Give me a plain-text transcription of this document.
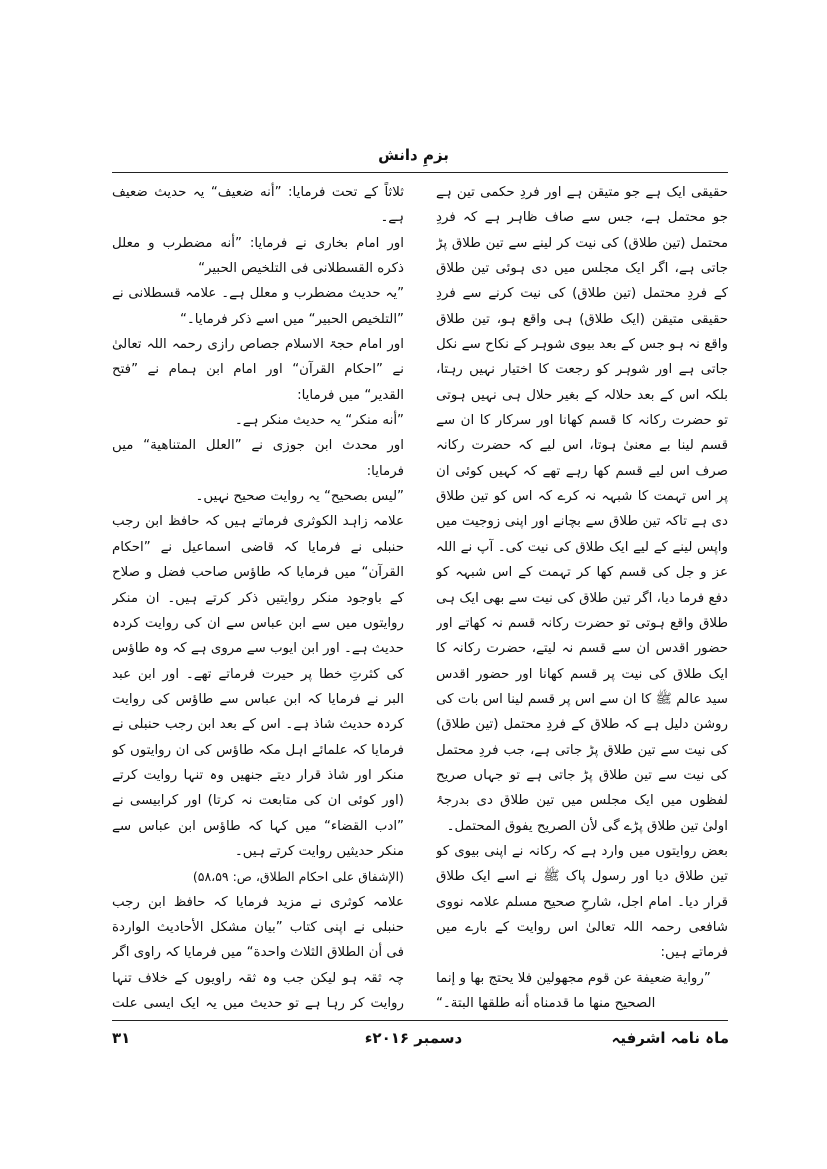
بزمِ دانش

حقیقی ایک ہے جو متیقن ہے اور فردِ حکمی تین ہے جو محتمل ہے، جس سے صاف ظاہر ہے کہ فردِ محتمل (تین طلاق) کی نیت کر لینے سے تین طلاق پڑ جاتی ہے، اگر ایک مجلس میں دی ہوئی تین طلاق کے فردِ محتمل (تین طلاق) کی نیت کرنے سے فردِ حقیقی متیقن (ایک طلاق) ہی واقع ہو، تین طلاق واقع نہ ہو جس کے بعد بیوی شوہر کے نکاح سے نکل جاتی ہے اور شوہر کو رجعت کا اختیار نہیں رہتا، بلکہ اس کے بعد حلالہ کے بغیر حلال ہی نہیں ہوتی تو حضرت رکانہ کا قسم کھانا اور سرکار کا ان سے قسم لینا بے معنیٰ ہوتا، اس لیے کہ حضرت رکانہ صرف اس لیے قسم کھا رہے تھے کہ کہیں کوئی ان پر اس تہمت کا شبہہ نہ کرے کہ اس کو تین طلاق دی ہے تاکہ تین طلاق سے بچانے اور اپنی زوجیت میں واپس لینے کے لیے ایک طلاق کی نیت کی۔ آپ نے اللہ عز و جل کی قسم کھا کر تہمت کے اس شبہہ کو دفع فرما دیا، اگر تین طلاق کی نیت سے بھی ایک ہی طلاق واقع ہوتی تو حضرت رکانہ قسم نہ کھاتے اور حضور اقدس ان سے قسم نہ لیتے، حضرت رکانہ کا ایک طلاق کی نیت پر قسم کھانا اور حضور اقدس سید عالم ﷺ کا ان سے اس پر قسم لینا اس بات کی روشن دلیل ہے کہ طلاق کے فردِ محتمل (تین طلاق) کی نیت سے تین طلاق پڑ جاتی ہے، جب فردِ محتمل کی نیت سے تین طلاق پڑ جاتی ہے تو جہاں صریح لفظوں میں ایک مجلس میں تین طلاق دی بدرجۂ اولیٰ تین طلاق پڑے گی لأن الصریح یفوق المحتمل۔

بعض روایتوں میں وارد ہے کہ رکانہ نے اپنی بیوی کو تین طلاق دیا اور رسول پاک ﷺ نے اسے ایک طلاق قرار دیا۔ امام اجل، شارحِ صحیح مسلم علامہ نووی شافعی رحمہ اللہ تعالیٰ اس روایت کے بارے میں فرماتے ہیں:

”روایة ضعیفة عن قوم مجهولین فلا یحتج بها و إنما الصحیح منها ما قدمناه أنه طلقها البتة۔“

ثلاثاً کے تحت فرمایا: ”أنه ضعیف“ یہ حدیث ضعیف ہے۔

اور امام بخاری نے فرمایا: ”أنه مضطرب و معلل ذکره القسطلانی فی التلخیص الحبیر“

”یہ حدیث مضطرب و معلل ہے۔ علامہ قسطلانی نے ”التلخیص الحبیر“ میں اسے ذکر فرمایا۔“

اور امام حجۃ الاسلام جصاص رازی رحمہ اللہ تعالیٰ نے ”احکام القرآن“ اور امام ابن ہمام نے ”فتح القدیر“ میں فرمایا:

”أنه منکر“ یہ حدیث منکر ہے۔

اور محدث ابن جوزی نے ”العلل المتناهیة“ میں فرمایا:

”لیس بصحیح“ یہ روایت صحیح نہیں۔

علامہ زاہد الکوثری فرماتے ہیں کہ حافظ ابن رجب حنبلی نے فرمایا کہ قاضی اسماعیل نے ”احکام القرآن“ میں فرمایا کہ طاؤس صاحب فضل و صلاح کے باوجود منکر روایتیں ذکر کرتے ہیں۔ ان منکر روایتوں میں سے ابن عباس سے ان کی روایت کردہ حدیث ہے۔ اور ابن ایوب سے مروی ہے کہ وہ طاؤس کی کثرتِ خطا پر حیرت فرماتے تھے۔ اور ابن عبد البر نے فرمایا کہ ابن عباس سے طاؤس کی روایت کردہ حدیث شاذ ہے۔ اس کے بعد ابن رجب حنبلی نے فرمایا کہ علمائے اہل مکہ طاؤس کی ان روایتوں کو منکر اور شاذ قرار دیتے جنھیں وہ تنہا روایت کرتے (اور کوئی ان کی متابعت نہ کرتا) اور کرابیسی نے ”ادب القضاء“ میں کہا کہ طاؤس ابن عباس سے منکر حدیثیں روایت کرتے ہیں۔

(الإشفاق علی احکام الطلاق، ص: ۵۸،۵۹)

علامہ کوثری نے مزید فرمایا کہ حافظ ابن رجب حنبلی نے اپنی کتاب ”بیان مشکل الأحادیث الواردة فی أن الطلاق الثلاث واحدة“ میں فرمایا کہ راوی اگر چہ ثقہ ہو لیکن جب وہ ثقہ راویوں کے خلاف تنہا روایت کر رہا ہے تو حدیث میں یہ ایک ایسی علت

ماہ نامہ اشرفیہ
دسمبر ۲۰۱۶ء
۳۱
